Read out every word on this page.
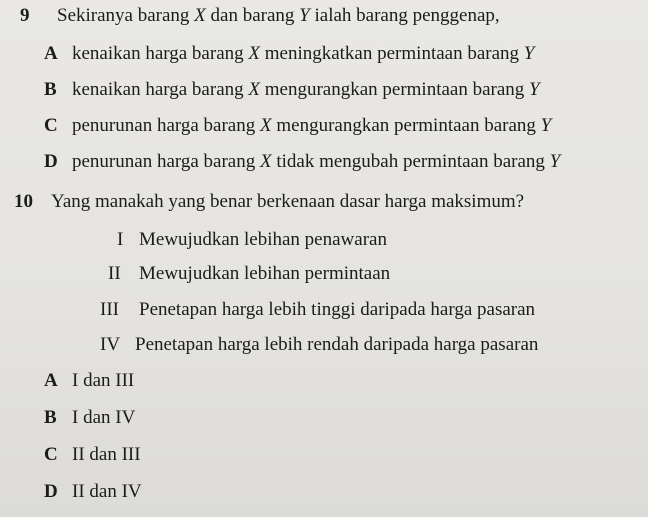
9 Sekiranya barang X dan barang Y ialah barang penggenap,
A kenaikan harga barang X meningkatkan permintaan barang Y
B kenaikan harga barang X mengurangkan permintaan barang Y
C penurunan harga barang X mengurangkan permintaan barang Y
D penurunan harga barang X tidak mengubah permintaan barang Y
10 Yang manakah yang benar berkenaan dasar harga maksimum?
I Mewujudkan lebihan penawaran
II Mewujudkan lebihan permintaan
III Penetapan harga lebih tinggi daripada harga pasaran
IV Penetapan harga lebih rendah daripada harga pasaran
A I dan III
B I dan IV
C II dan III
D II dan IV
